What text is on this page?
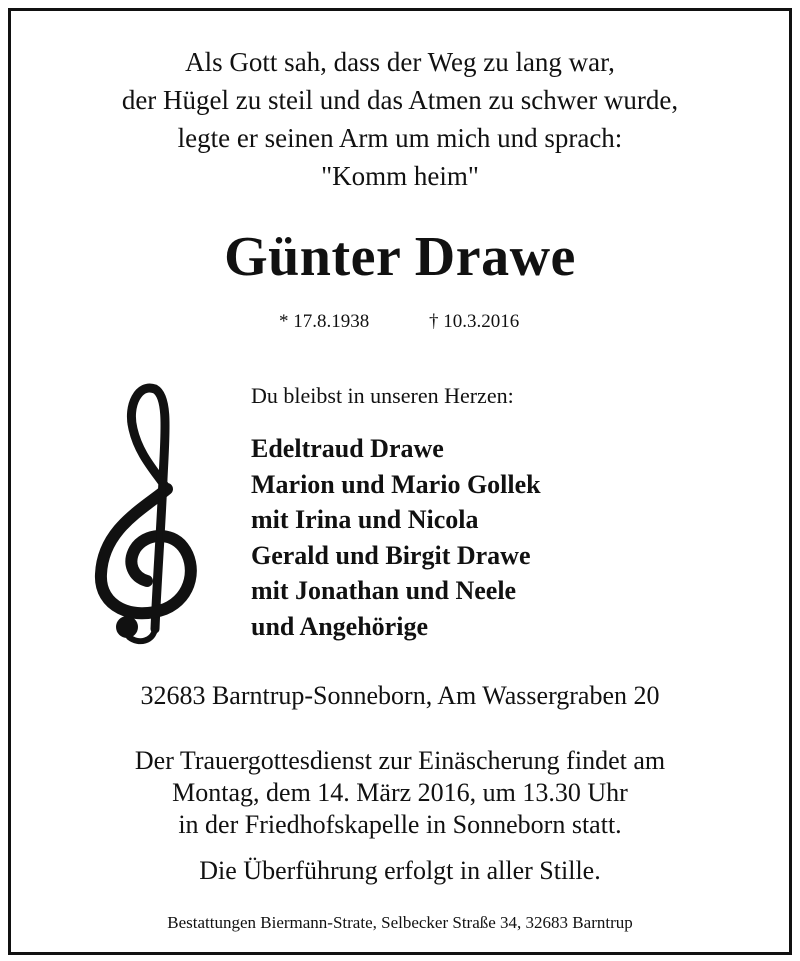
Als Gott sah, dass der Weg zu lang war,
der Hügel zu steil und das Atmen zu schwer wurde,
legte er seinen Arm um mich und sprach:
"Komm heim"
Günter Drawe
* 17.8.1938	† 10.3.2016
Du bleibst in unseren Herzen:
Edeltraud Drawe
Marion und Mario Gollek
mit Irina und Nicola
Gerald und Birgit Drawe
mit Jonathan und Neele
und Angehörige
32683 Barntrup-Sonneborn, Am Wassergraben 20
Der Trauergottesdienst zur Einäscherung findet am
Montag, dem 14. März 2016, um 13.30 Uhr
in der Friedhofskapelle in Sonneborn statt.
Die Überführung erfolgt in aller Stille.
Bestattungen Biermann-Strate, Selbecker Straße 34, 32683 Barntrup
